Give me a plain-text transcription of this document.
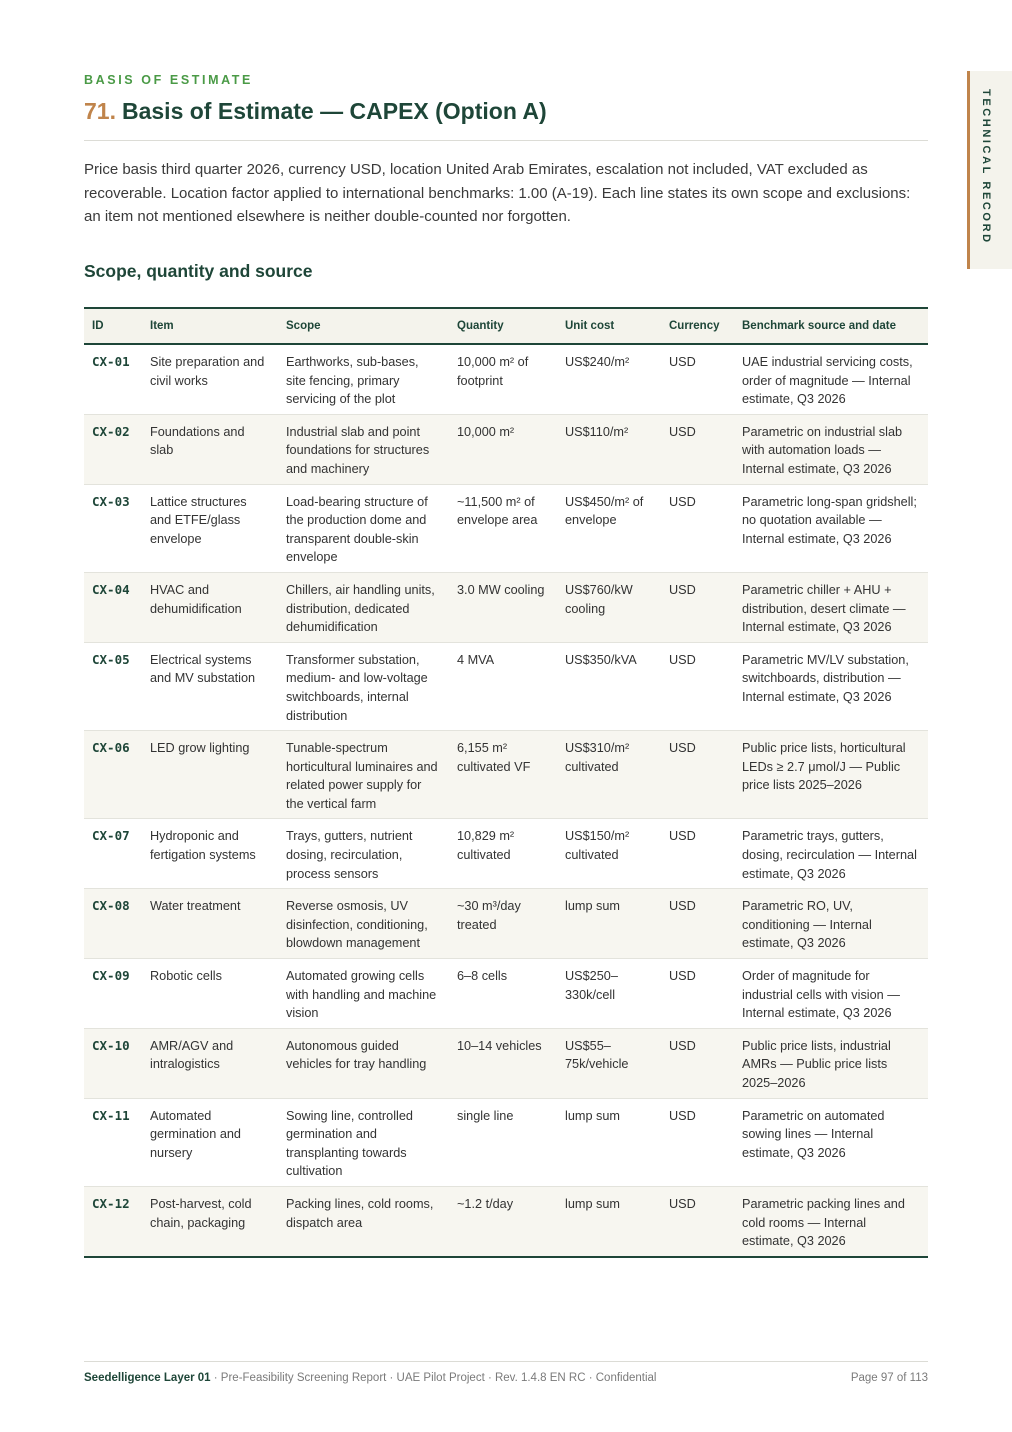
BASIS OF ESTIMATE
71. Basis of Estimate — CAPEX (Option A)

Price basis third quarter 2026, currency USD, location United Arab Emirates, escalation not included, VAT excluded as recoverable. Location factor applied to international benchmarks: 1.00 (A-19). Each line states its own scope and exclusions: an item not mentioned elsewhere is neither double-counted nor forgotten.

Scope, quantity and source
ID	Item	Scope	Quantity	Unit cost	Currency	Benchmark source and date
CX-01	Site preparation and civil works	Earthworks, sub-bases, site fencing, primary servicing of the plot	10,000 m² of footprint	US$240/m²	USD	UAE industrial servicing costs, order of magnitude — Internal estimate, Q3 2026
CX-02	Foundations and slab	Industrial slab and point foundations for structures and machinery	10,000 m²	US$110/m²	USD	Parametric on industrial slab with automation loads — Internal estimate, Q3 2026
CX-03	Lattice structures and ETFE/glass envelope	Load-bearing structure of the production dome and transparent double-skin envelope	~11,500 m² of envelope area	US$450/m² of envelope	USD	Parametric long-span gridshell; no quotation available — Internal estimate, Q3 2026
CX-04	HVAC and dehumidification	Chillers, air handling units, distribution, dedicated dehumidification	3.0 MW cooling	US$760/kW cooling	USD	Parametric chiller + AHU + distribution, desert climate — Internal estimate, Q3 2026
CX-05	Electrical systems and MV substation	Transformer substation, medium- and low-voltage switchboards, internal distribution	4 MVA	US$350/kVA	USD	Parametric MV/LV substation, switchboards, distribution — Internal estimate, Q3 2026
CX-06	LED grow lighting	Tunable-spectrum horticultural luminaires and related power supply for the vertical farm	6,155 m² cultivated VF	US$310/m² cultivated	USD	Public price lists, horticultural LEDs ≥ 2.7 μmol/J — Public price lists 2025–2026
CX-07	Hydroponic and fertigation systems	Trays, gutters, nutrient dosing, recirculation, process sensors	10,829 m² cultivated	US$150/m² cultivated	USD	Parametric trays, gutters, dosing, recirculation — Internal estimate, Q3 2026
CX-08	Water treatment	Reverse osmosis, UV disinfection, conditioning, blowdown management	~30 m³/day treated	lump sum	USD	Parametric RO, UV, conditioning — Internal estimate, Q3 2026
CX-09	Robotic cells	Automated growing cells with handling and machine vision	6–8 cells	US$250–330k/cell	USD	Order of magnitude for industrial cells with vision — Internal estimate, Q3 2026
CX-10	AMR/AGV and intralogistics	Autonomous guided vehicles for tray handling	10–14 vehicles	US$55–75k/vehicle	USD	Public price lists, industrial AMRs — Public price lists 2025–2026
CX-11	Automated germination and nursery	Sowing line, controlled germination and transplanting towards cultivation	single line	lump sum	USD	Parametric on automated sowing lines — Internal estimate, Q3 2026
CX-12	Post-harvest, cold chain, packaging	Packing lines, cold rooms, dispatch area	~1.2 t/day	lump sum	USD	Parametric packing lines and cold rooms — Internal estimate, Q3 2026
TECHNICAL RECORD
Seedelligence Layer 01 · Pre-Feasibility Screening Report · UAE Pilot Project · Rev. 1.4.8 EN RC · Confidential	Page 97 of 113
